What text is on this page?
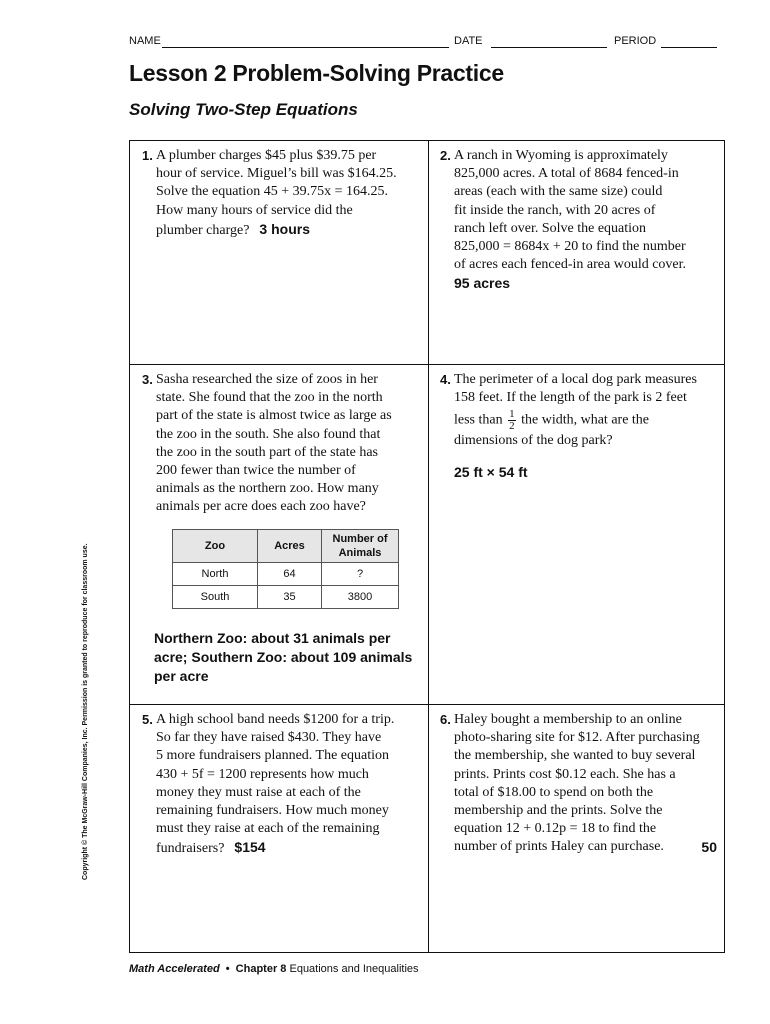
NAME	DATE	PERIOD
Lesson 2 Problem-Solving Practice
Solving Two-Step Equations
1. A plumber charges $45 plus $39.75 per
hour of service. Miguel’s bill was $164.25.
Solve the equation 45 + 39.75x = 164.25.
How many hours of service did the
plumber charge? 3 hours
2. A ranch in Wyoming is approximately
825,000 acres. A total of 8684 fenced-in
areas (each with the same size) could
fit inside the ranch, with 20 acres of
ranch left over. Solve the equation
825,000 = 8684x + 20 to find the number
of acres each fenced-in area would cover.
95 acres
3. Sasha researched the size of zoos in her
state. She found that the zoo in the north
part of the state is almost twice as large as
the zoo in the south. She also found that
the zoo in the south part of the state has
200 fewer than twice the number of
animals as the northern zoo. How many
animals per acre does each zoo have?
Zoo	Acres	Number of Animals
North	64	?
South	35	3800
Northern Zoo: about 31 animals per acre; Southern Zoo: about 109 animals per acre
4. The perimeter of a local dog park measures
158 feet. If the length of the park is 2 feet
less than $\frac{1}{2}$ the width, what are the
dimensions of the dog park?
25 ft × 54 ft
5. A high school band needs $1200 for a trip.
So far they have raised $430. They have
5 more fundraisers planned. The equation
430 + 5f = 1200 represents how much
money they must raise at each of the
remaining fundraisers. How much money
must they raise at each of the remaining
fundraisers? $154
6. Haley bought a membership to an online
photo-sharing site for $12. After purchasing
the membership, she wanted to buy several
prints. Prints cost $0.12 each. She has a
total of $18.00 to spend on both the
membership and the prints. Solve the
equation 12 + 0.12p = 18 to find the
number of prints Haley can purchase.	50
Copyright © The McGraw-Hill Companies, Inc. Permission is granted to reproduce for classroom use.
Math Accelerated • Chapter 8 Equations and Inequalities
